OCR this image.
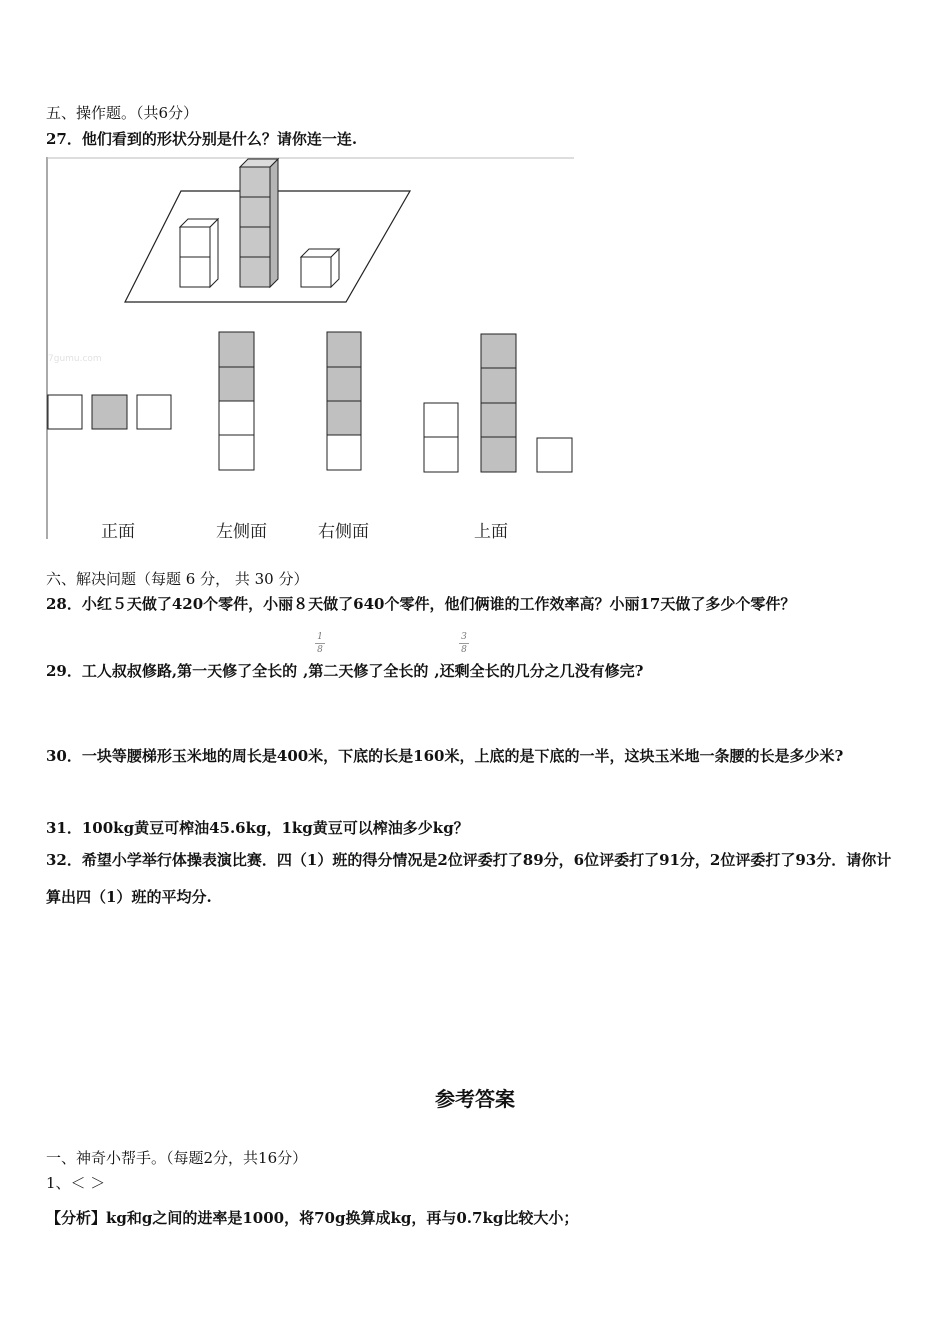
五、操作题。（共6分）
27．他们看到的形状分别是什么？请你连一连.
7gumu.com
正面	左侧面	右侧面	上面
六、解决问题（每题 6 分， 共 30 分）
28．小红５天做了420个零件，小丽８天做了640个零件，他们俩谁的工作效率高？小丽17天做了多少个零件？
29．工人叔叔修路,第一天修了全长的 ,第二天修了全长的 ,还剩全长的几分之几没有修完?
1
8
3
8
30．一块等腰梯形玉米地的周长是400米，下底的长是160米，上底的是下底的一半，这块玉米地一条腰的长是多少米?
31．100kg黄豆可榨油45.6kg，1kg黄豆可以榨油多少kg？
32．希望小学举行体操表演比赛．四（1）班的得分情况是2位评委打了89分，6位评委打了91分，2位评委打了93分．请你计算出四（1）班的平均分.
参考答案
一、神奇小帮手。（每题2分，共16分）
1、＜ ＞
【分析】kg和g之间的进率是1000，将70g换算成kg，再与0.7kg比较大小；
